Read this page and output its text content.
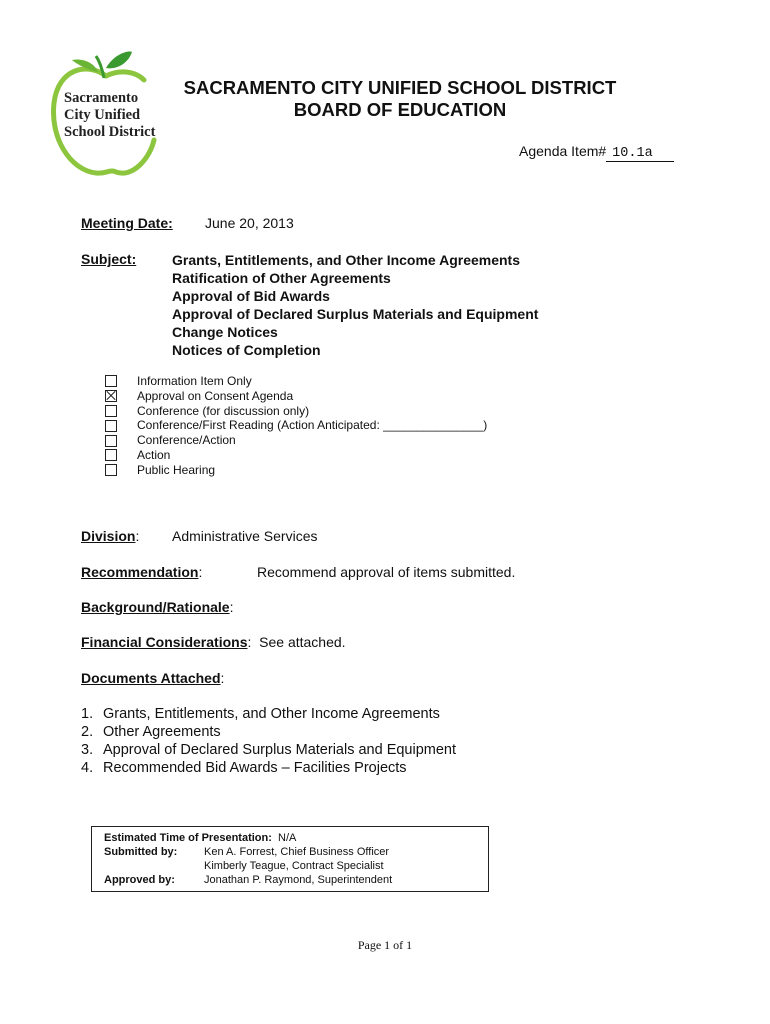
Sacramento
City Unified
School District
SACRAMENTO CITY UNIFIED SCHOOL DISTRICT
BOARD OF EDUCATION
Agenda Item# 10.1a
Meeting Date: June 20, 2013
Subject:	Grants, Entitlements, and Other Income Agreements
Ratification of Other Agreements
Approval of Bid Awards
Approval of Declared Surplus Materials and Equipment
Change Notices
Notices of Completion
Information Item Only
Approval on Consent Agenda
Conference (for discussion only)
Conference/First Reading (Action Anticipated: _______________)
Conference/Action
Action
Public Hearing
Division: Administrative Services
Recommendation:	Recommend approval of items submitted.
Background/Rationale:
Financial Considerations:  See attached.
Documents Attached:
1. Grants, Entitlements, and Other Income Agreements
2. Other Agreements
3. Approval of Declared Surplus Materials and Equipment
4. Recommended Bid Awards – Facilities Projects
Estimated Time of Presentation:
N/A
Submitted by:	Ken A. Forrest, Chief Business Officer
Kimberly Teague, Contract Specialist
Approved by:	Jonathan P. Raymond, Superintendent
Page 1 of 1
